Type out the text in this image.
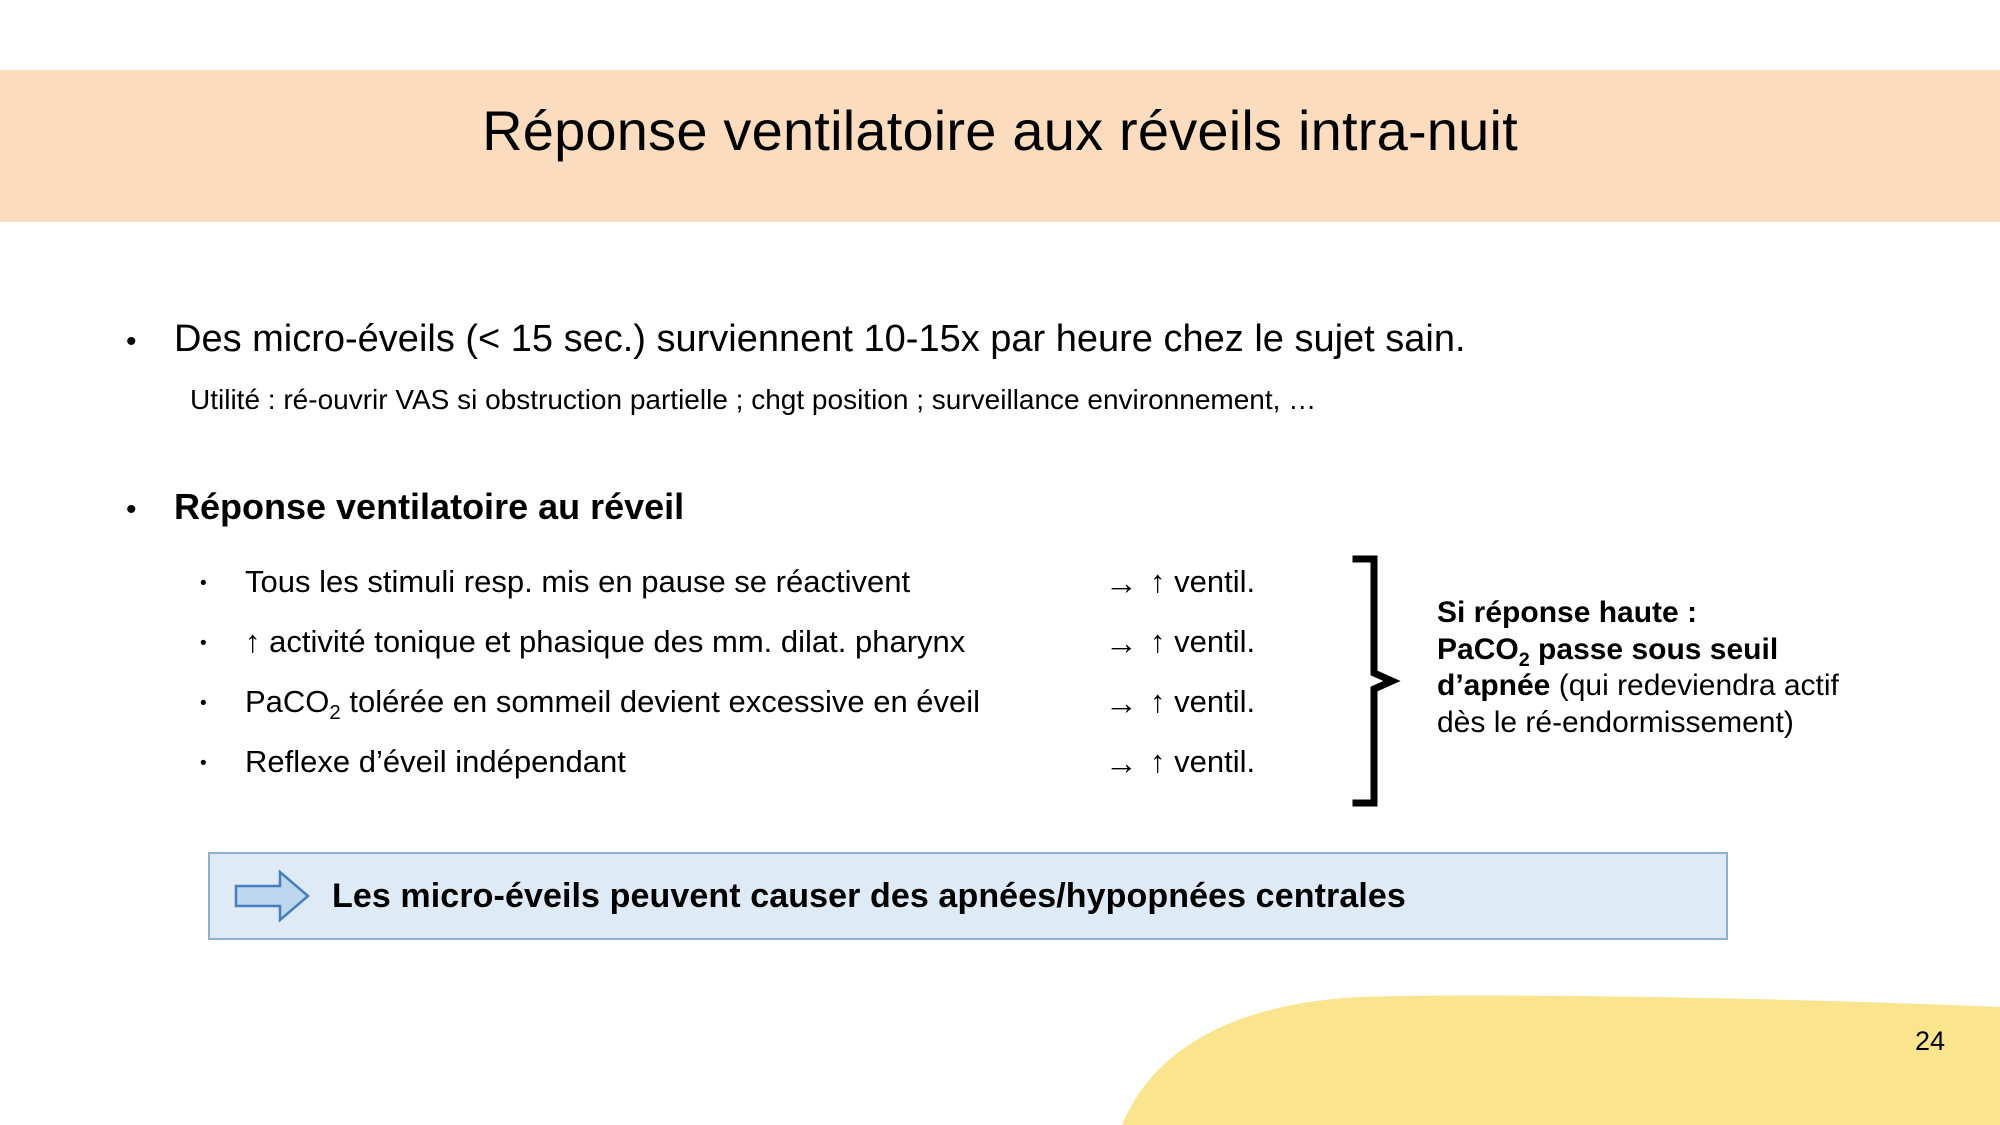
Réponse ventilatoire aux réveils intra-nuit
• Des micro-éveils (< 15 sec.) surviennent 10-15x par heure chez le sujet sain.
Utilité : ré-ouvrir VAS si obstruction partielle ; chgt position ; surveillance environnement, …
•	Réponse ventilatoire au réveil
•	Tous les stimuli resp. mis en pause se réactivent	→ ↑ ventil.
•	↑ activité tonique et phasique des mm. dilat. pharynx	→ ↑ ventil.
•	PaCO$_2$ tolérée en sommeil devient excessive en éveil	→ ↑ ventil.
•	Reflexe d’éveil indépendant	→ ↑ ventil.
Si réponse haute :
PaCO$_2$ passe sous seuil
d’apnée (qui redeviendra actif
dès le ré-endormissement)
Les micro-éveils peuvent causer des apnées/hypopnées centrales
24
